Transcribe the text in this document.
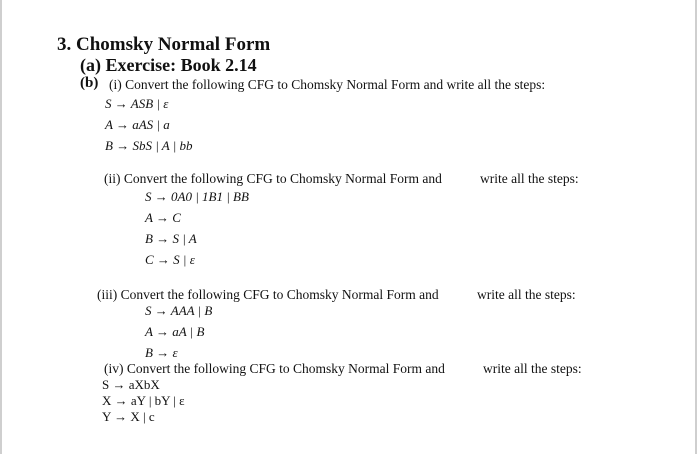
3. Chomsky Normal Form
(a) Exercise: Book 2.14
(b) (i) Convert the following CFG to Chomsky Normal Form and write all the steps:
S → ASB | ε
A → aAS | a
B → SbS | A | bb
(ii) Convert the following CFG to Chomsky Normal Form and	write all the steps:
S → 0A0 | 1B1 | BB
A → C
B → S | A
C → S | ε
(iii) Convert the following CFG to Chomsky Normal Form and	write all the steps:
S → AAA | B
A → aA | B
B → ε
(iv) Convert the following CFG to Chomsky Normal Form and	write all the steps:
S → aXbX
X → aY | bY | ε
Y → X | c
